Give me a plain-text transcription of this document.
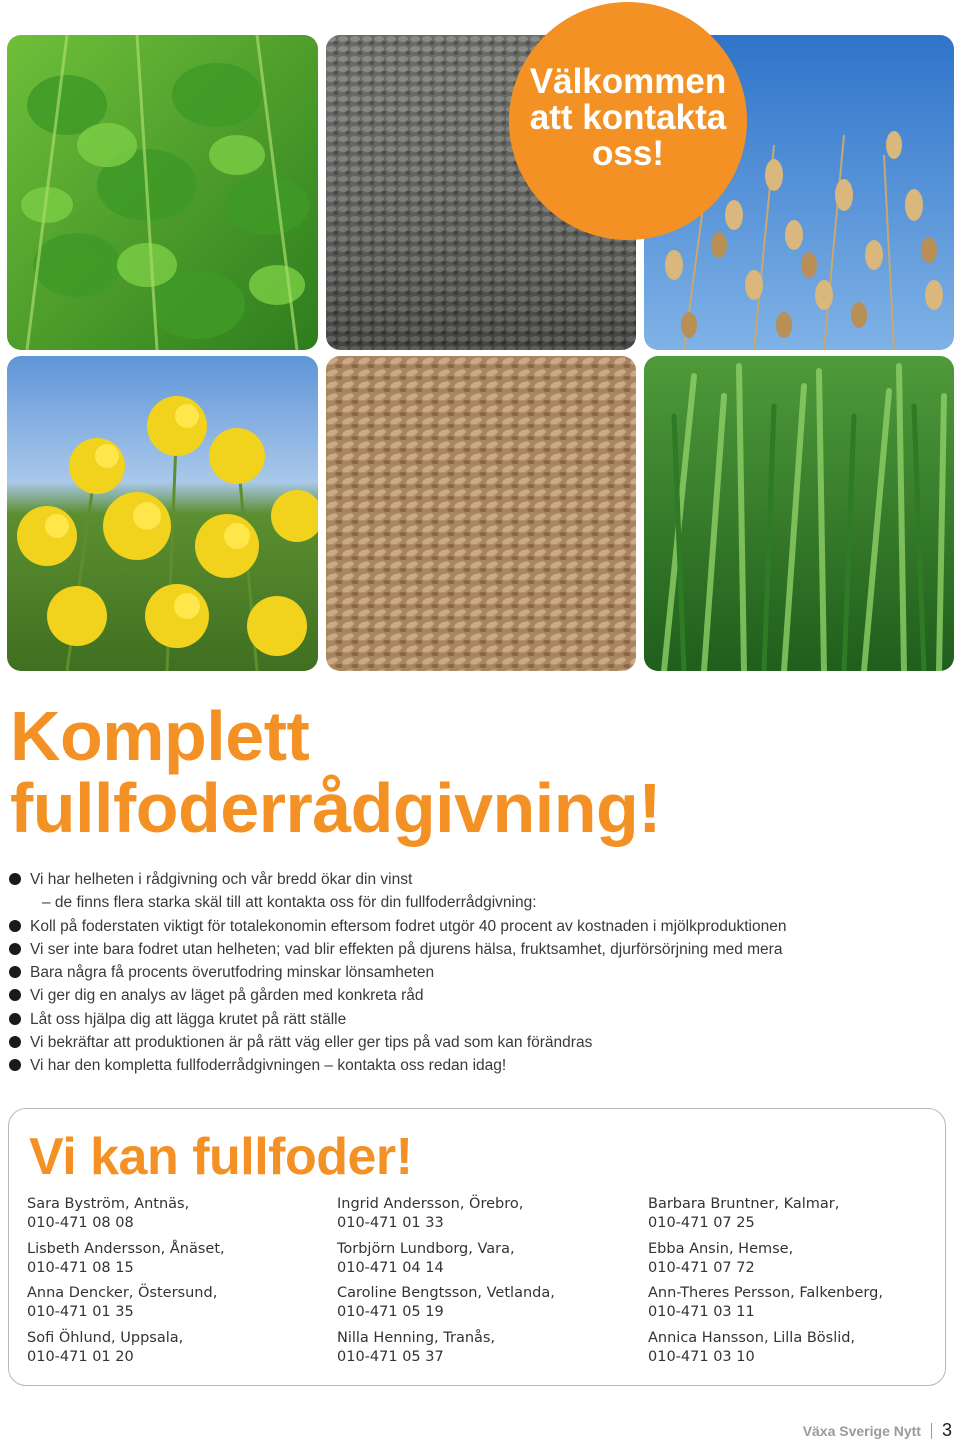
Välkommen
att kontakta
oss!
Komplett
fullfoderrådgivning!
Vi har helheten i rådgivning och vår bredd ökar din vinst
– de finns flera starka skäl till att kontakta oss för din fullfoderrådgivning:
Koll på foderstaten viktigt för totalekonomin eftersom fodret utgör 40 procent av kostnaden i mjölkproduktionen
Vi ser inte bara fodret utan helheten; vad blir effekten på djurens hälsa, fruktsamhet, djurförsörjning med mera
Bara några få procents överutfodring minskar lönsamheten
Vi ger dig en analys av läget på gården med konkreta råd
Låt oss hjälpa dig att lägga krutet på rätt ställe
Vi bekräftar att produktionen är på rätt väg eller ger tips på vad som kan förändras
Vi har den kompletta fullfoderrådgivningen – kontakta oss redan idag!
Vi kan fullfoder!
Sara Byström, Antnäs,
010-471 08 08
Lisbeth Andersson, Ånäset,
010-471 08 15
Anna Dencker, Östersund,
010-471 01 35
Sofi Öhlund, Uppsala,
010-471 01 20
Ingrid Andersson, Örebro,
010-471 01 33
Torbjörn Lundborg, Vara,
010-471 04 14
Caroline Bengtsson, Vetlanda,
010-471 05 19
Nilla Henning, Tranås,
010-471 05 37
Barbara Bruntner, Kalmar,
010-471 07 25
Ebba Ansin, Hemse,
010-471 07 72
Ann-Theres Persson, Falkenberg,
010-471 03 11
Annica Hansson, Lilla Böslid,
010-471 03 10
Växa Sverige Nytt 3
